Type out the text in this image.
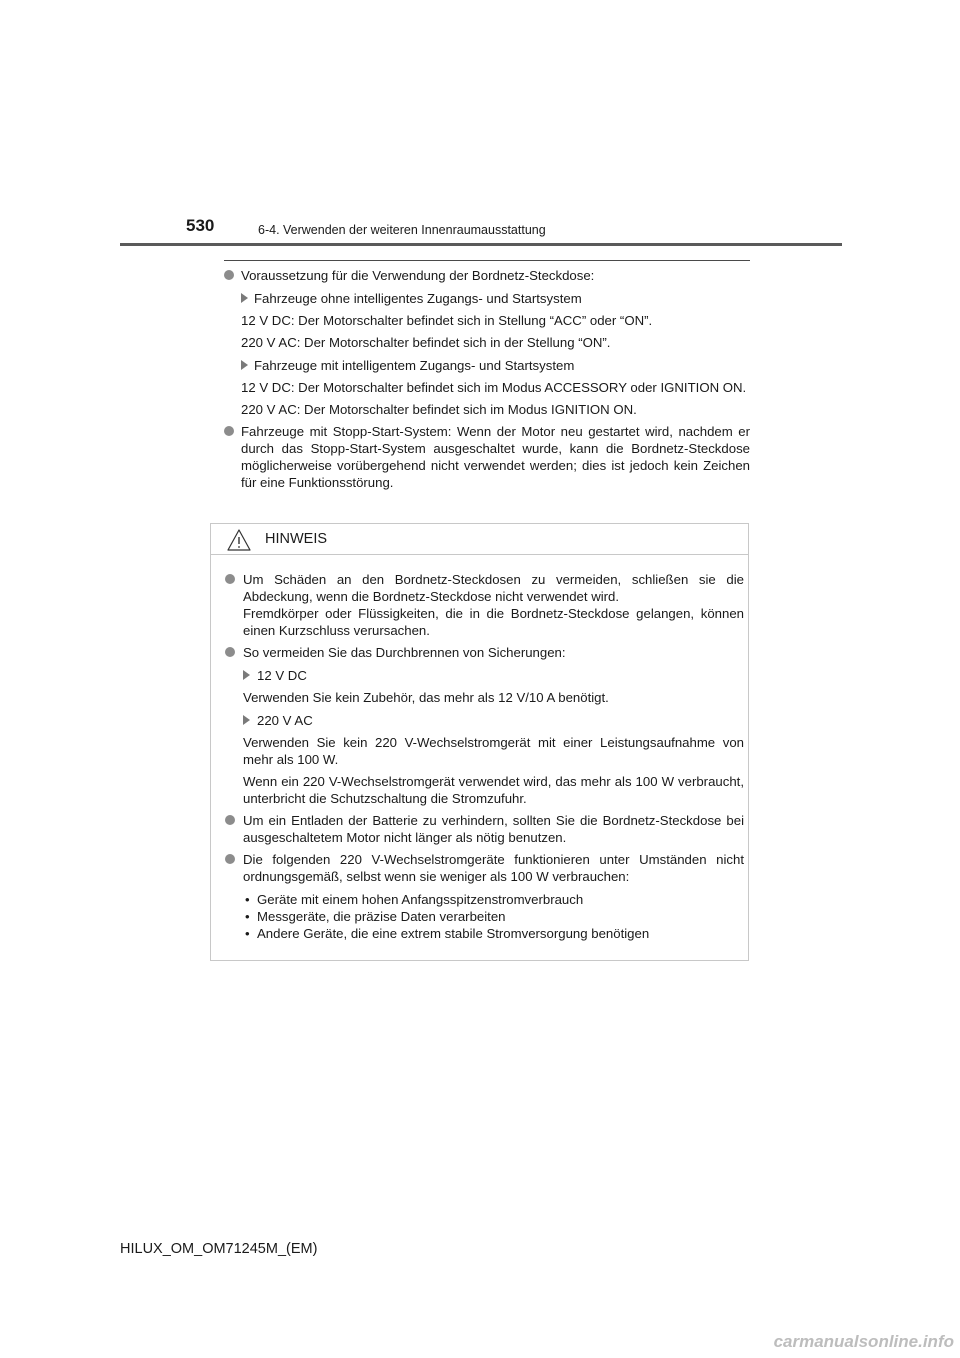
530	6-4. Verwenden der weiteren Innenraumausstattung
Voraussetzung für die Verwendung der Bordnetz-Steckdose:
Fahrzeuge ohne intelligentes Zugangs- und Startsystem
12 V DC: Der Motorschalter befindet sich in Stellung “ACC” oder “ON”.
220 V AC: Der Motorschalter befindet sich in der Stellung “ON”.
Fahrzeuge mit intelligentem Zugangs- und Startsystem
12 V DC: Der Motorschalter befindet sich im Modus ACCESSORY oder IGNITION ON.
220 V AC: Der Motorschalter befindet sich im Modus IGNITION ON.
Fahrzeuge mit Stopp-Start-System: Wenn der Motor neu gestartet wird, nachdem er durch das Stopp-Start-System ausgeschaltet wurde, kann die Bordnetz-Steckdose möglicherweise vorübergehend nicht verwendet werden; dies ist jedoch kein Zeichen für eine Funktionsstörung.
HINWEIS
Um Schäden an den Bordnetz-Steckdosen zu vermeiden, schließen sie die Abdeckung, wenn die Bordnetz-Steckdose nicht verwendet wird.
Fremdkörper oder Flüssigkeiten, die in die Bordnetz-Steckdose gelangen, können einen Kurzschluss verursachen.
So vermeiden Sie das Durchbrennen von Sicherungen:
12 V DC
Verwenden Sie kein Zubehör, das mehr als 12 V/10 A benötigt.
220 V AC
Verwenden Sie kein 220 V-Wechselstromgerät mit einer Leistungsaufnahme von mehr als 100 W.
Wenn ein 220 V-Wechselstromgerät verwendet wird, das mehr als 100 W verbraucht, unterbricht die Schutzschaltung die Stromzufuhr.
Um ein Entladen der Batterie zu verhindern, sollten Sie die Bordnetz-Steckdose bei ausgeschaltetem Motor nicht länger als nötig benutzen.
Die folgenden 220 V-Wechselstromgeräte funktionieren unter Umständen nicht ordnungsgemäß, selbst wenn sie weniger als 100 W verbrauchen:
• Geräte mit einem hohen Anfangsspitzenstromverbrauch
• Messgeräte, die präzise Daten verarbeiten
• Andere Geräte, die eine extrem stabile Stromversorgung benötigen
HILUX_OM_OM71245M_(EM)
carmanualsonline.info
